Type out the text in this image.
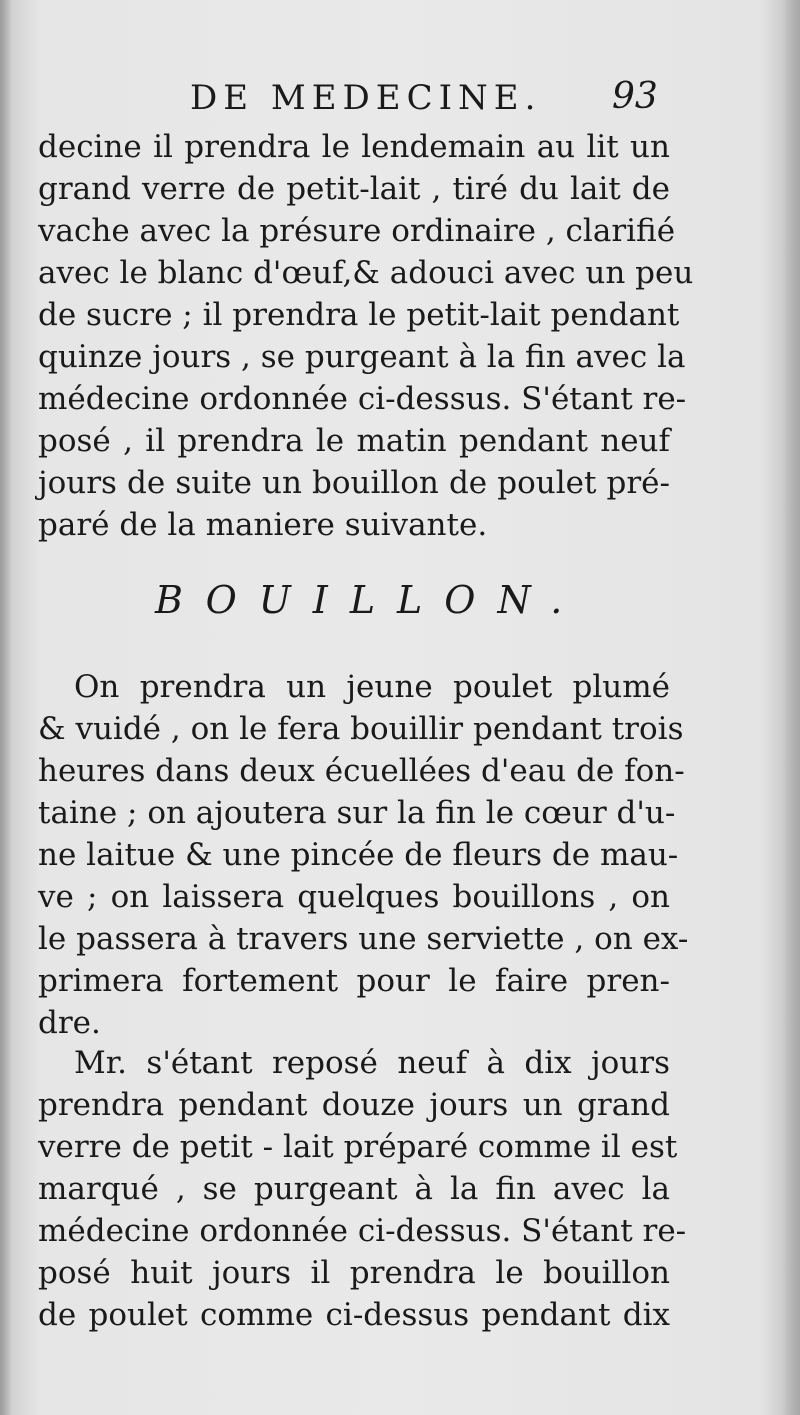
DE MEDECINE. 93
decine il prendra le lendemain au lit un
grand verre de petit-lait , tiré du lait de
vache avec la présure ordinaire , clarifié
avec le blanc d'œuf,& adouci avec un peu
de sucre ; il prendra le petit-lait pendant
quinze jours , se purgeant à la fin avec la
médecine ordonnée ci-dessus. S'étant re-
posé , il prendra le matin pendant neuf
jours de suite un bouillon de poulet pré-
paré de la maniere suivante.
BOUILLON.
On prendra un jeune poulet plumé
& vuidé , on le fera bouillir pendant trois
heures dans deux écuellées d'eau de fon-
taine ; on ajoutera sur la fin le cœur d'u-
ne laitue & une pincée de fleurs de mau-
ve ; on laissera quelques bouillons , on
le passera à travers une serviette , on ex-
primera fortement pour le faire pren-
dre.
Mr. s'étant reposé neuf à dix jours
prendra pendant douze jours un grand
verre de petit - lait préparé comme il est
marqué , se purgeant à la fin avec la
médecine ordonnée ci-dessus. S'étant re-
posé huit jours il prendra le bouillon
de poulet comme ci-dessus pendant dix
